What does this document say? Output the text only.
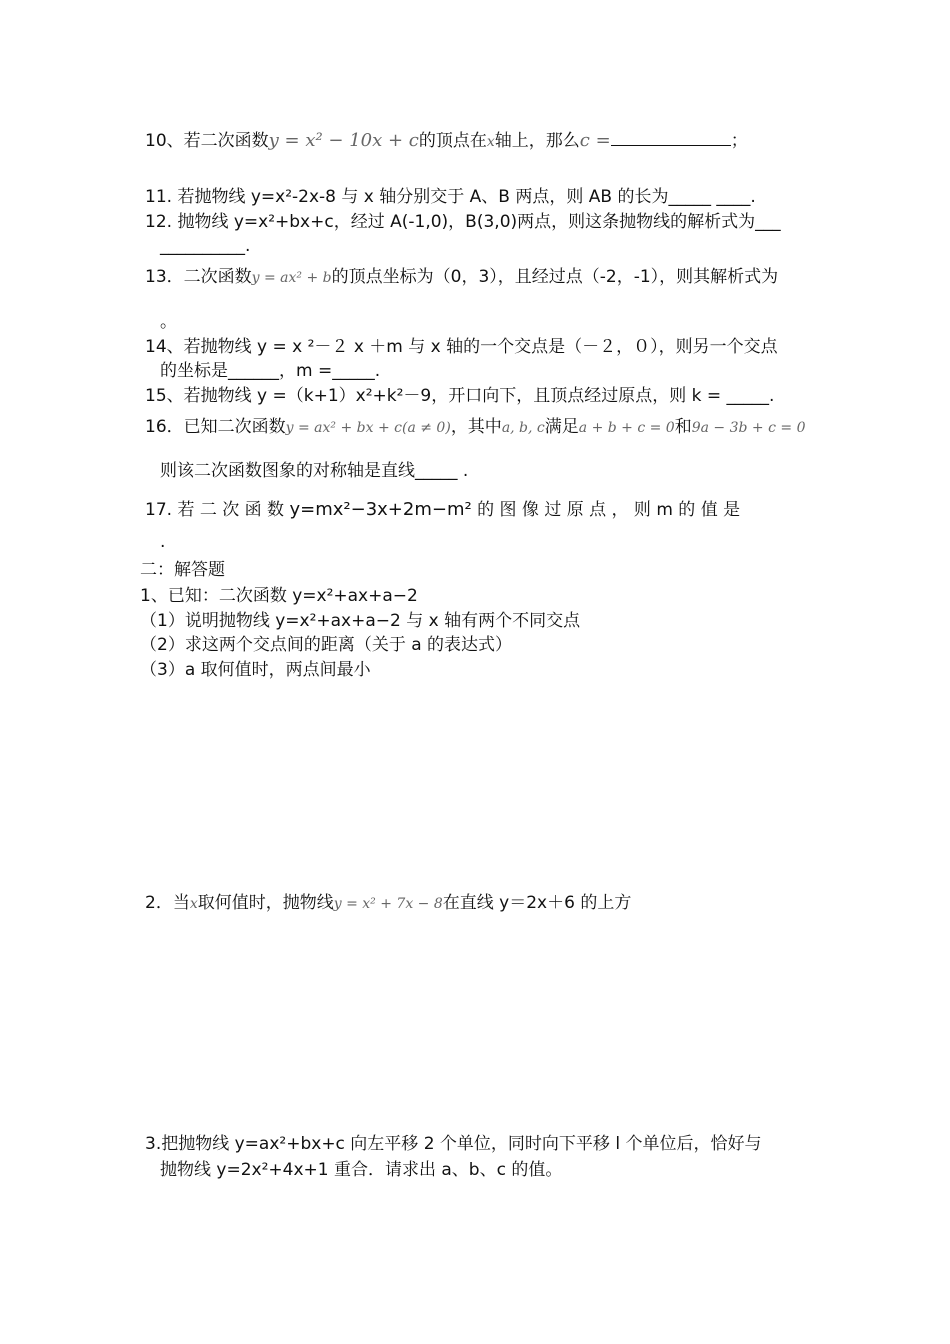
10、若二次函数y = x² − 10x + c的顶点在x轴上，那么c =	；
11. 若抛物线 y=x²-2x-8 与 x 轴分别交于 A、B 两点，则 AB 的长为_____ ____.
12. 抛物线 y=x²+bx+c，经过 A(-1,0)，B(3,0)两点，则这条抛物线的解析式为___
__________.
13．二次函数y = ax² + b的顶点坐标为（0，3），且经过点（-2，-1），则其解析式为
。
14、若抛物线 y = x ²－２ x ＋m 与 x 轴的一个交点是（－２，０），则另一个交点
的坐标是______，m =_____.
15、若抛物线 y =（k+1）x²+k²－9，开口向下，且顶点经过原点，则 k = _____.
16．已知二次函数y = ax² + bx + c(a ≠ 0)，其中a, b, c满足a + b + c = 0和9a − 3b + c = 0
则该二次函数图象的对称轴是直线_____ .
17. 若 二 次 函 数 y=mx²−3x+2m−m² 的 图 像 过 原 点 ， 则 m 的 值 是
.
二：解答题
1、已知：二次函数 y=x²+ax+a−2
（1）说明抛物线 y=x²+ax+a−2 与 x 轴有两个不同交点
（2）求这两个交点间的距离（关于 a 的表达式）
（3）a 取何值时，两点间最小
2．当x取何值时，抛物线y = x² + 7x − 8在直线 y＝2x＋6 的上方
3.把抛物线 y=ax²+bx+c 向左平移 2 个单位，同时向下平移 l 个单位后，恰好与
抛物线 y=2x²+4x+1 重合．请求出 a、b、c 的值。
